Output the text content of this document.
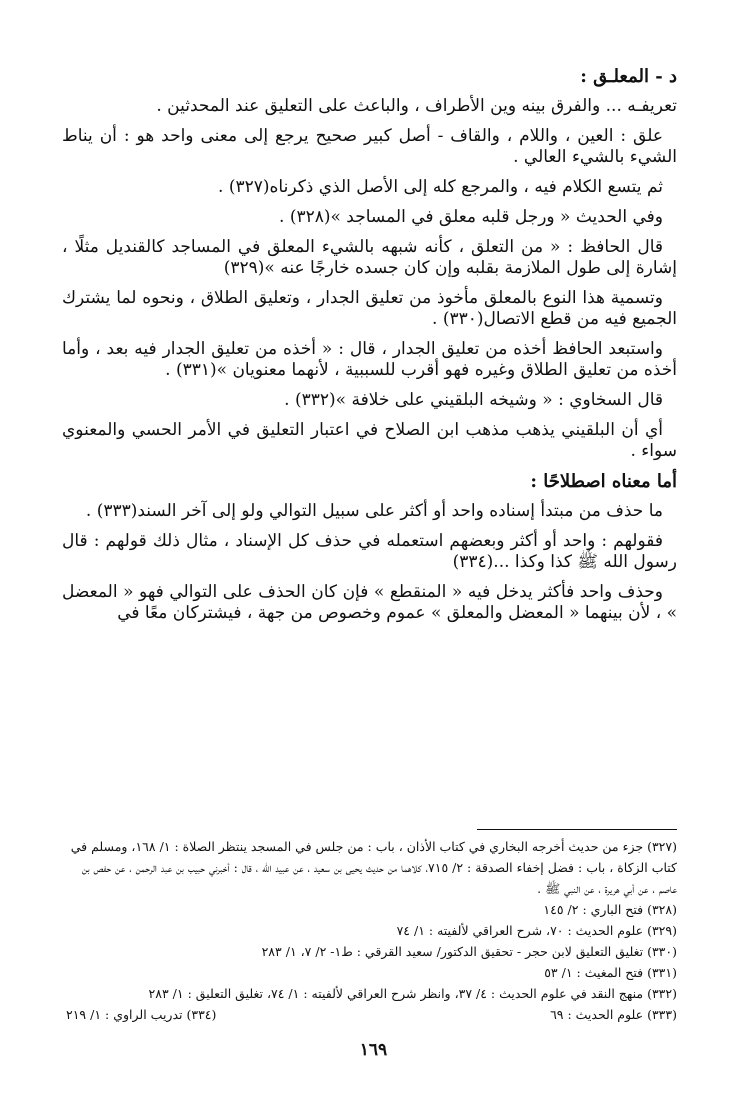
د - المعلـق :

تعريفـه ... والفرق بينه وين الأطراف ، والباعث على التعليق عند المحدثين .

علق : العين ، واللام ، والقاف - أصل كبير صحيح يرجع إلى معنى واحد هو : أن يناط الشيء بالشيء العالي .

ثم يتسع الكلام فيه ، والمرجع كله إلى الأصل الذي ذكرناه(٣٢٧) .

وفي الحديث « ورجل قلبه معلق في المساجد »(٣٢٨) .

قال الحافظ : « من التعلق ، كأنه شبهه بالشيء المعلق في المساجد كالقنديل مثلًا ، إشارة إلى طول الملازمة بقلبه وإن كان جسده خارجًا عنه »(٣٢٩)

وتسمية هذا النوع بالمعلق مأخوذ من تعليق الجدار ، وتعليق الطلاق ، ونحوه لما يشترك الجميع فيه من قطع الاتصال(٣٣٠) .

واستبعد الحافظ أخذه من تعليق الجدار ، قال : « أخذه من تعليق الجدار فيه بعد ، وأما أخذه من تعليق الطلاق وغيره فهو أقرب للسببية ، لأنهما معنويان »(٣٣١) .

قال السخاوي : « وشيخه البلقيني على خلافة »(٣٣٢) .

أي أن البلقيني يذهب مذهب ابن الصلاح في اعتبار التعليق في الأمر الحسي والمعنوي سواء .

أما معناه اصطلاحًا :

ما حذف من مبتدأ إسناده واحد أو أكثر على سبيل التوالي ولو إلى آخر السند(٣٣٣) .

فقولهم : واحد أو أكثر وبعضهم استعمله في حذف كل الإسناد ، مثال ذلك قولهم : قال رسول الله ﷺ كذا وكذا ...(٣٣٤)

وحذف واحد فأكثر يدخل فيه « المنقطع » فإن كان الحذف على التوالي فهو « المعضل » ، لأن بينهما « المعضل والمعلق » عموم وخصوص من جهة ، فيشتركان معًا في

(٣٢٧) جزء من حديث أخرجه البخاري في كتاب الأذان ، باب : من جلس في المسجد ينتظر الصلاة : ١/ ١٦٨، ومسلم في كتاب الزكاة ، باب : فضل إخفاء الصدقة : ٢/ ٧١٥، كلاهما من حديث يحيى بن سعيد ، عن عبيد الله ، قال : أخبرني حبيب بن عبد الرحمن ، عن حفص بن عاصم ، عن أبي هريرة ، عن النبي ﷺ .

(٣٢٨) فتح الباري : ٢/ ١٤٥

(٣٢٩) علوم الحديث : ٧٠، شرح العراقي لألفيته : ١/ ٧٤

(٣٣٠) تغليق التعليق لابن حجر - تحقيق الدكتور/ سعيد القرقي : ط١- ٢/ ٧، ١/ ٢٨٣

(٣٣١) فتح المغيث : ١/ ٥٣

(٣٣٢) منهج النقد في علوم الحديث : ٤/ ٣٧، وانظر شرح العراقي لألفيته : ١/ ٧٤، تغليق التعليق : ١/ ٢٨٣

(٣٣٣) علوم الحديث : ٦٩
(٣٣٤) تدريب الراوي : ١/ ٢١٩
١٦٩
